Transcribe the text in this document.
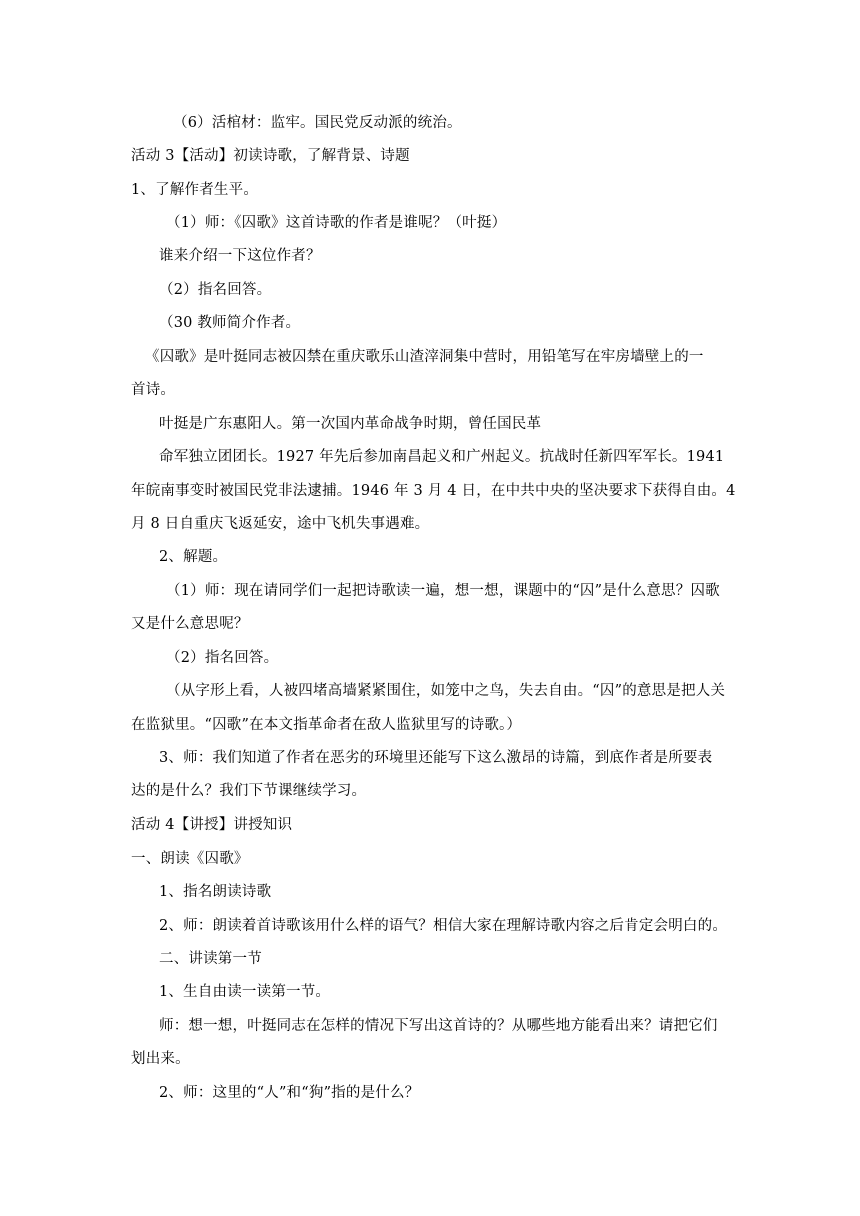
（6）活棺材：监牢。国民党反动派的统治。

活动 3【活动】初读诗歌，了解背景、诗题

1、了解作者生平。

（1）师：《囚歌》这首诗歌的作者是谁呢？（叶挺）

谁来介绍一下这位作者？

（2）指名回答。

（30 教师简介作者。

《囚歌》是叶挺同志被囚禁在重庆歌乐山渣滓洞集中营时，用铅笔写在牢房墙壁上的一

首诗。

叶挺是广东惠阳人。第一次国内革命战争时期，曾任国民革

命军独立团团长。1927 年先后参加南昌起义和广州起义。抗战时任新四军军长。1941

年皖南事变时被国民党非法逮捕。1946 年 3 月 4 日，在中共中央的坚决要求下获得自由。4

月 8 日自重庆飞返延安，途中飞机失事遇难。

2、解题。

（1）师：现在请同学们一起把诗歌读一遍，想一想，课题中的“囚”是什么意思？囚歌

又是什么意思呢？

（2）指名回答。

（从字形上看，人被四堵高墙紧紧围住，如笼中之鸟，失去自由。“囚”的意思是把人关

在监狱里。“囚歌”在本文指革命者在敌人监狱里写的诗歌。）

3、师：我们知道了作者在恶劣的环境里还能写下这么激昂的诗篇，到底作者是所要表

达的是什么？我们下节课继续学习。

活动 4【讲授】讲授知识

一、朗读《囚歌》

1、指名朗读诗歌

2、师：朗读着首诗歌该用什么样的语气？相信大家在理解诗歌内容之后肯定会明白的。

二、讲读第一节

1、生自由读一读第一节。

师：想一想，叶挺同志在怎样的情况下写出这首诗的？从哪些地方能看出来？请把它们

划出来。

2、师：这里的“人”和“狗”指的是什么？
